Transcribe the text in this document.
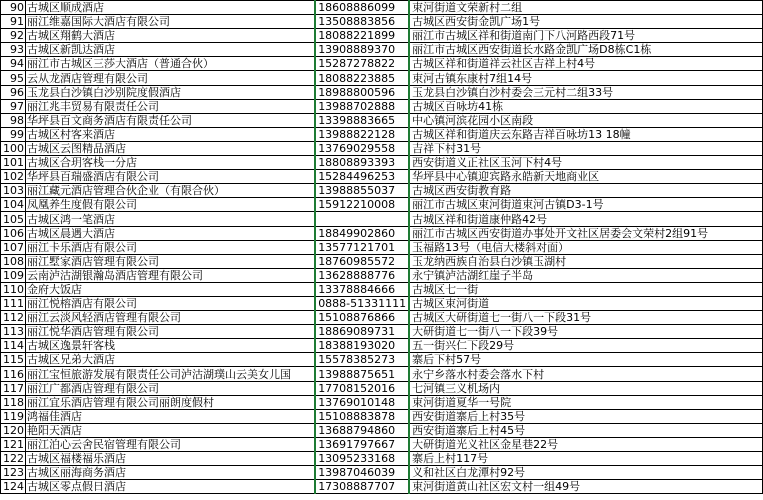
90	古城区顺成酒店	18608886099	束河街道文荣新村二组
91	丽江维嘉国际大酒店有限公司	13508883856	古城区西安街金凯广场1号
92	古城区翔鹤大酒店	18088221899	丽江市古城区祥和街道南门下八河路西段71号
93	古城区新凯达酒店	13908889370	丽江市古城区西安街道长水路金凯广场D8栋C1栋
94	丽江市古城区三莎大酒店（普通合伙）	15287278822	古城区祥和街道祥云社区吉祥上村4号
95	云从龙酒店管理有限公司	18088223885	束河古镇东康村7组14号
96	玉龙县白沙镇白沙别院度假酒店	18988800596	玉龙县白沙镇白沙村委会三元村二组33号
97	丽江兆丰贸易有限责任公司	13988702888	古城区百咏坊41栋
98	华坪县百文商务酒店有限责任公司	13398883665	中心镇河滨花园小区南段
99	古城区村客来酒店	13988822128	古城区祥和街道庆云东路吉祥百咏坊13 18幢
100	古城区云图精品酒店	13769029558	吉祥下村31号
101	古城区合玥客栈一分店	18808893393	西安街道义正社区玉河下村4号
102	华坪县百瑞盛酒店有限公司	15284496253	华坪县中心镇迎宾路永皓新天地商业区
103	丽江藏元酒店管理合伙企业（有限合伙）	13988855037	古城区西安街教育路
104	凤凰养生度假有限公司	15912210008	丽江市古城区束河街道束河古镇D3-1号
105	古城区鸿一笔酒店		古城区祥和街道康仲路42号
106	古城区晨遇大酒店	18849902860	丽江市古城区西安街道办事处开文社区居委会文荣村2组91号
107	丽江卡乐酒店有限公司	13577121701	玉福路13号（电信大楼斜对面）
108	丽江墅家酒店管理有限公司	18760985572	玉龙纳西族自治县白沙镇玉湖村
109	云南泸沽湖银瀚岛酒店管理有限公司	13628888776	永宁镇泸沽湖红崖子半岛
110	金府大饭店	13378884666	古城区七一街
111	丽江悦榕酒店有限公司	0888-51331111	古城区束河街道
112	丽江云淡风轻酒店管理有限公司	15108876866	古城区大研街道七一街八一下段31号
113	丽江悦华酒店管理有限公司	18869089731	大研街道七一街八一下段39号
114	古城区逸景轩客栈	18388193020	五一街兴仁下段29号
115	古城区兄弟大酒店	15578385273	寨后下村57号
116	丽江宝恒旅游发展有限责任公司泸沽湖璞山云美女儿国	13988875651	永宁乡落水村委会落水下村
117	丽江广都酒店管理有限公司	17708152016	七河镇三义机场内
118	丽江宜乐酒店管理有限公司丽朗度假村	13769010148	束河街道夏华一号院
119	鸿福佳酒店	15108883878	西安街道寨后上村35号
120	艳阳天酒店	13688794860	西安街道寨后上村45号
121	丽江泊心云舍民宿管理有限公司	13691797667	大研街道光义社区金星巷22号
122	古城区福楼福乐酒店	13095233168	寨后上村117号
123	古城区丽海商务酒店	13987046039	义和社区白龙潭村92号
124	古城区零点假日酒店	17308887707	束河街道黄山社区宏文村一组49号
